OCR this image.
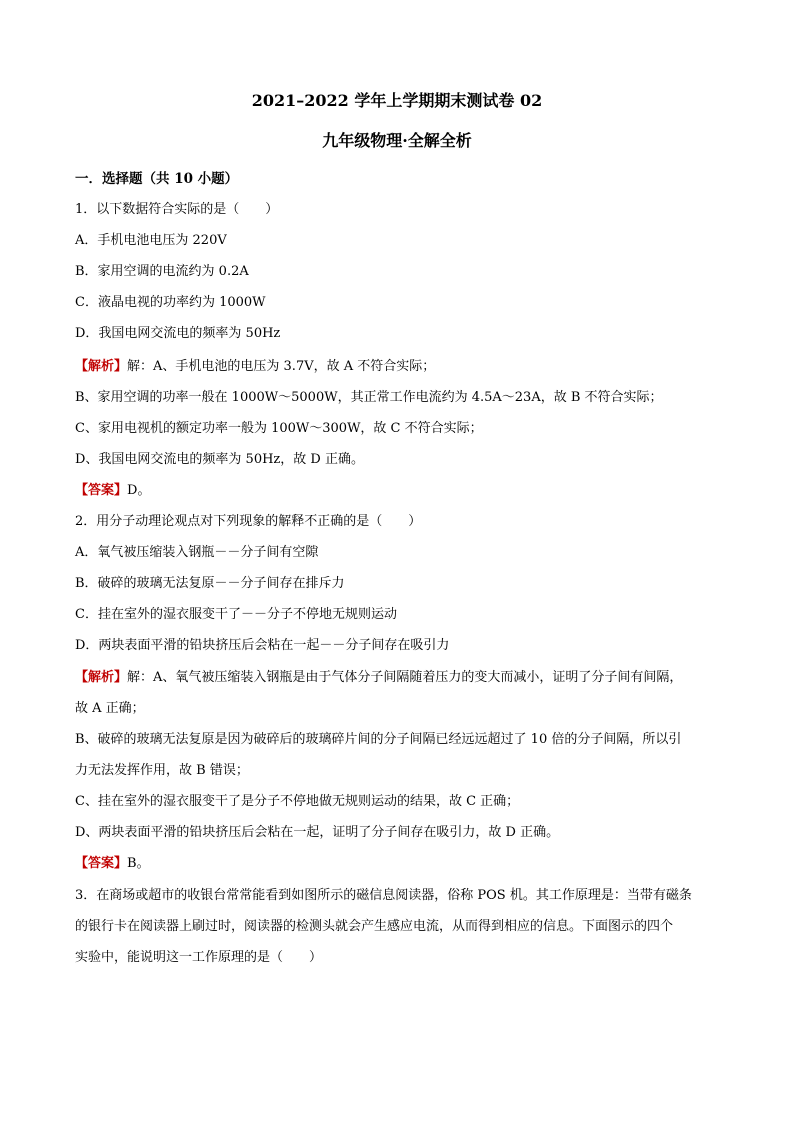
2021–2022 学年上学期期末测试卷 02
九年级物理·全解全析
一．选择题（共 10 小题）
1．以下数据符合实际的是（　　）
A．手机电池电压为 220V
B．家用空调的电流约为 0.2A
C．液晶电视的功率约为 1000W
D．我国电网交流电的频率为 50Hz
【解析】解：A、手机电池的电压为 3.7V，故 A 不符合实际；
B、家用空调的功率一般在 1000W～5000W，其正常工作电流约为 4.5A～23A，故 B 不符合实际；
C、家用电视机的额定功率一般为 100W～300W，故 C 不符合实际；
D、我国电网交流电的频率为 50Hz，故 D 正确。
【答案】D。
2．用分子动理论观点对下列现象的解释不正确的是（　　）
A．氧气被压缩装入钢瓶－－分子间有空隙
B．破碎的玻璃无法复原－－分子间存在排斥力
C．挂在室外的湿衣服变干了－－分子不停地无规则运动
D．两块表面平滑的铅块挤压后会粘在一起－－分子间存在吸引力
【解析】解：A、氧气被压缩装入钢瓶是由于气体分子间隔随着压力的变大而减小，证明了分子间有间隔，
故 A 正确；
B、破碎的玻璃无法复原是因为破碎后的玻璃碎片间的分子间隔已经远远超过了 10 倍的分子间隔，所以引
力无法发挥作用，故 B 错误；
C、挂在室外的湿衣服变干了是分子不停地做无规则运动的结果，故 C 正确；
D、两块表面平滑的铅块挤压后会粘在一起，证明了分子间存在吸引力，故 D 正确。
【答案】B。
3．在商场或超市的收银台常常能看到如图所示的磁信息阅读器，俗称 POS 机。其工作原理是：当带有磁条
的银行卡在阅读器上刷过时，阅读器的检测头就会产生感应电流，从而得到相应的信息。下面图示的四个
实验中，能说明这一工作原理的是（　　）
